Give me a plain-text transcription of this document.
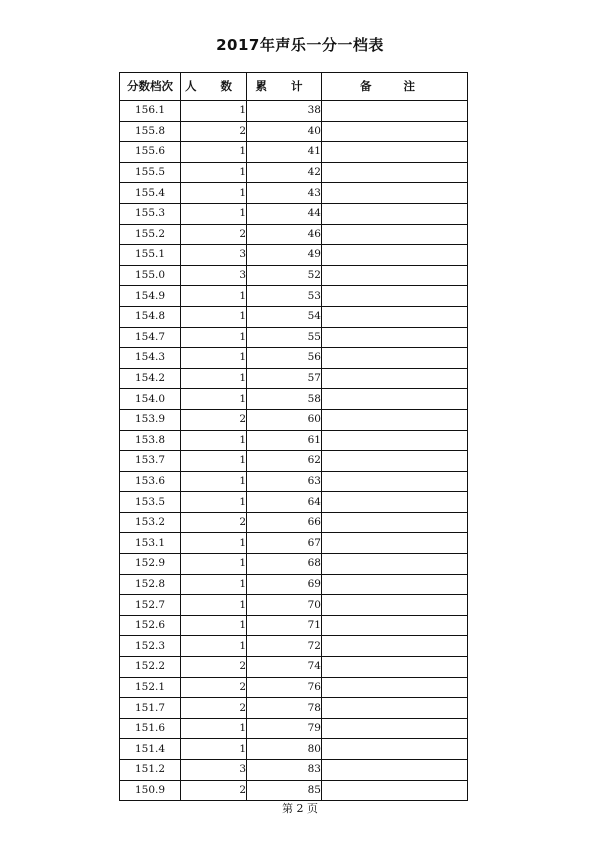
2017年声乐一分一档表
分数档次	人 数	累 计	备 注
156.1	1	38	
155.8	2	40	
155.6	1	41	
155.5	1	42	
155.4	1	43	
155.3	1	44	
155.2	2	46	
155.1	3	49	
155.0	3	52	
154.9	1	53	
154.8	1	54	
154.7	1	55	
154.3	1	56	
154.2	1	57	
154.0	1	58	
153.9	2	60	
153.8	1	61	
153.7	1	62	
153.6	1	63	
153.5	1	64	
153.2	2	66	
153.1	1	67	
152.9	1	68	
152.8	1	69	
152.7	1	70	
152.6	1	71	
152.3	1	72	
152.2	2	74	
152.1	2	76	
151.7	2	78	
151.6	1	79	
151.4	1	80	
151.2	3	83	
150.9	2	85	
第 2 页
